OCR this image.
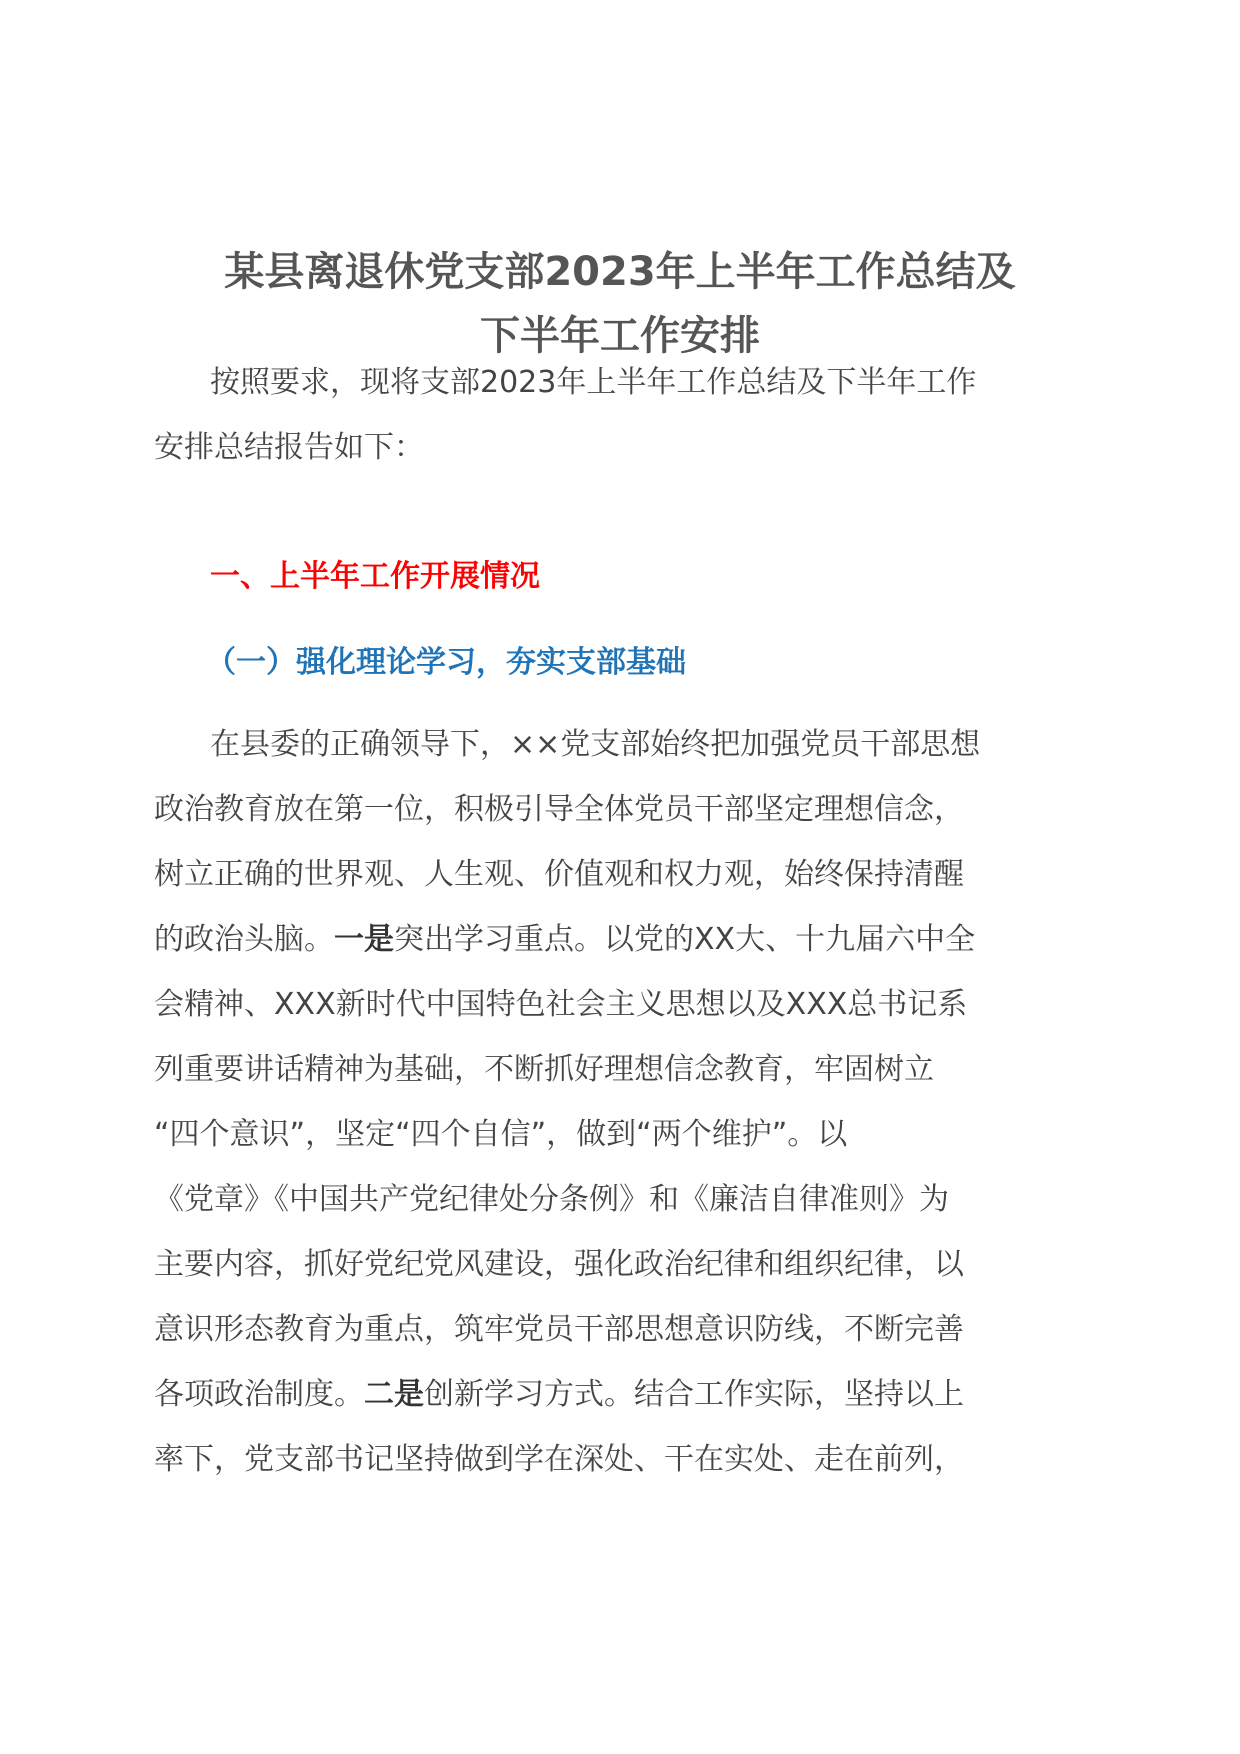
某县离退休党支部2023年上半年工作总结及
下半年工作安排

按照要求，现将支部2023年上半年工作总结及下半年工作
安排总结报告如下：

一、上半年工作开展情况
（一）强化理论学习，夯实支部基础

在县委的正确领导下，××党支部始终把加强党员干部思想
政治教育放在第一位，积极引导全体党员干部坚定理想信念，
树立正确的世界观、人生观、价值观和权力观，始终保持清醒
的政治头脑。一是突出学习重点。以党的XX大、十九届六中全
会精神、XXX新时代中国特色社会主义思想以及XXX总书记系
列重要讲话精神为基础，不断抓好理想信念教育，牢固树立
“四个意识”，坚定“四个自信”，做到“两个维护”。以
《党章》《中国共产党纪律处分条例》和《廉洁自律准则》为
主要内容，抓好党纪党风建设，强化政治纪律和组织纪律，以
意识形态教育为重点，筑牢党员干部思想意识防线，不断完善
各项政治制度。二是创新学习方式。结合工作实际，坚持以上
率下，党支部书记坚持做到学在深处、干在实处、走在前列，
